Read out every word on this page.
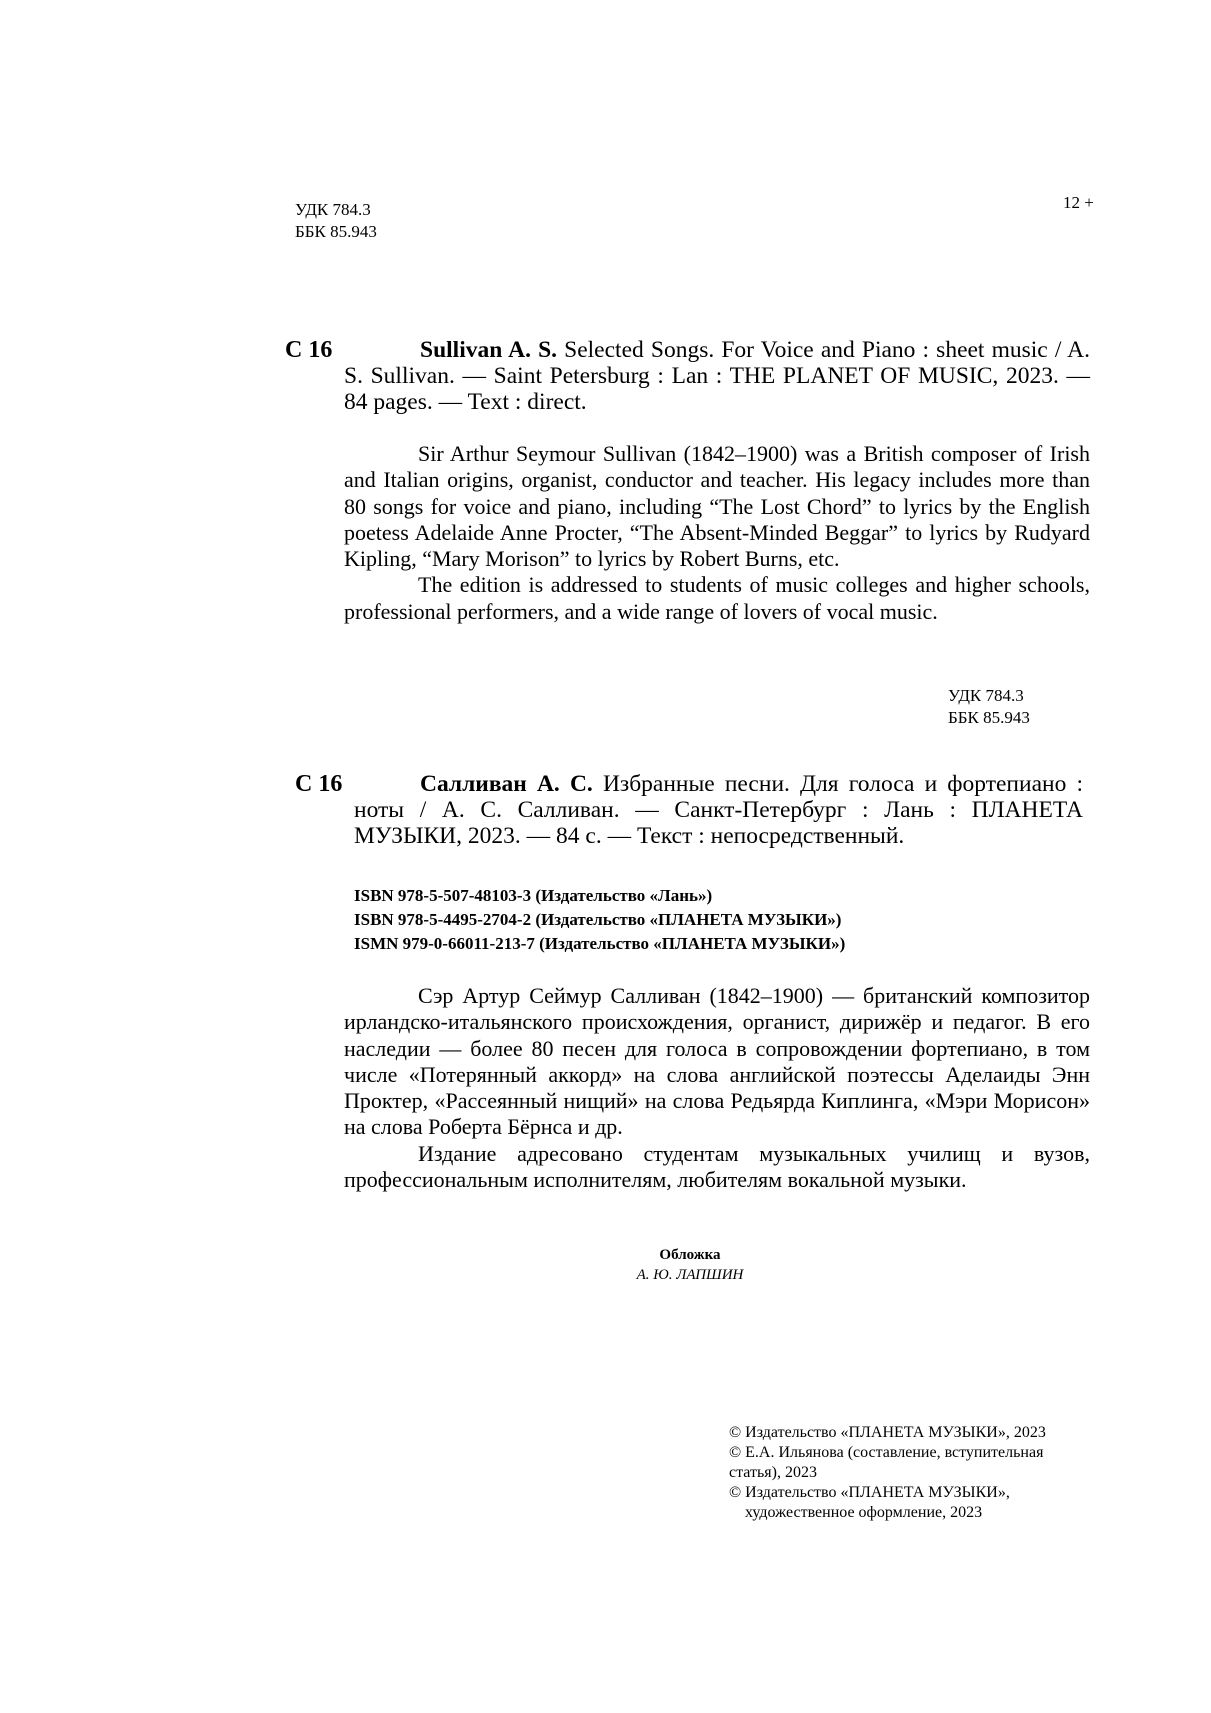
УДК 784.3
ББК 85.943
12 +
С 16	Sullivan A. S. Selected Songs. For Voice and Piano : sheet music / A. S. Sullivan. — Saint Petersburg : Lan : THE PLANET OF MUSIC, 2023. — 84 pages. — Text : direct.

Sir Arthur Seymour Sullivan (1842–1900) was a British composer of Irish and Italian origins, organist, conductor and teacher. His legacy includes more than 80 songs for voice and piano, including “The Lost Chord” to lyrics by the English poetess Adelaide Anne Procter, “The Absent-Minded Beggar” to lyrics by Rudyard Kipling, “Mary Morison” to lyrics by Robert Burns, etc.

The edition is addressed to students of music colleges and higher schools, professional performers, and a wide range of lovers of vocal music.

УДК 784.3
ББК 85.943
С 16	Салливан А. С. Избранные песни. Для голоса и фортепиано : ноты / А. С. Салливан. — Санкт-Петербург : Лань : ПЛАНЕТА МУЗЫКИ, 2023. — 84 с. — Текст : непосредственный.
ISBN 978-5-507-48103-3 (Издательство «Лань»)
ISBN 978-5-4495-2704-2 (Издательство «ПЛАНЕТА МУЗЫКИ»)
ISMN 979-0-66011-213-7 (Издательство «ПЛАНЕТА МУЗЫКИ»)

Сэр Артур Сеймур Салливан (1842–1900) — британский композитор ирландско-итальянского происхождения, органист, дирижёр и педагог. В его наследии — более 80 песен для голоса в сопровождении фортепиано, в том числе «Потерянный аккорд» на слова английской поэтессы Аделаиды Энн Проктер, «Рассеянный нищий» на слова Редьярда Киплинга, «Мэри Морисон» на слова Роберта Бёрнса и др.

Издание адресовано студентам музыкальных училищ и вузов, профессиональным исполнителям, любителям вокальной музыки.

Обложка
А. Ю. ЛАПШИН
© Издательство «ПЛАНЕТА МУЗЫКИ», 2023
© Е.А. Ильянова (составление, вступительная статья), 2023
© Издательство «ПЛАНЕТА МУЗЫКИ»,
художественное оформление, 2023
